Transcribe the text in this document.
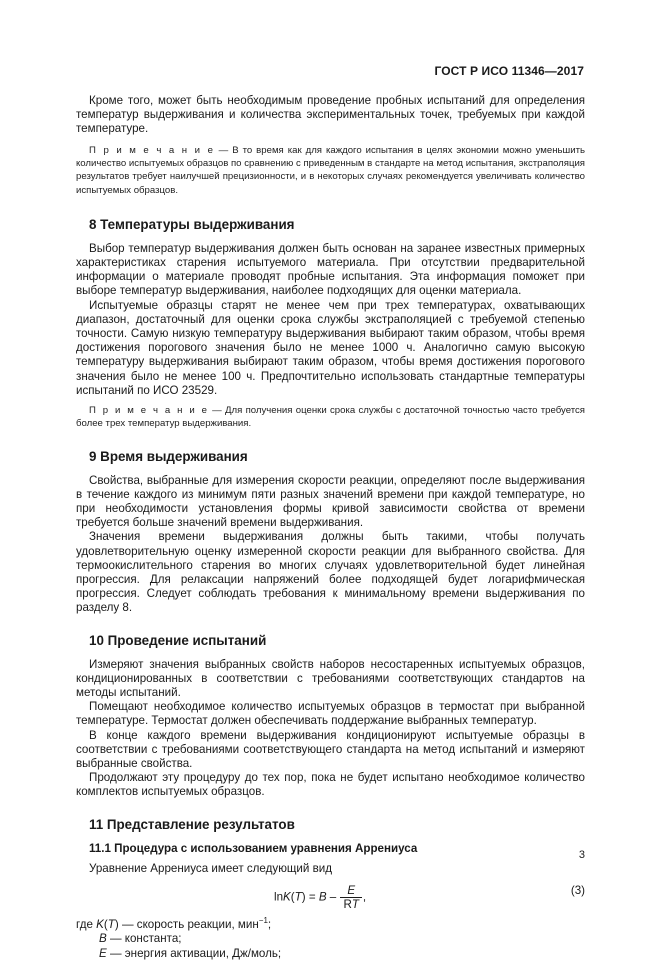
ГОСТ Р ИСО 11346—2017

Кроме того, может быть необходимым проведение пробных испытаний для определения температур выдерживания и количества экспериментальных точек, требуемых при каждой температуре.

П р и м е ч а н и е — В то время как для каждого испытания в целях экономии можно уменьшить количество испытуемых образцов по сравнению с приведенным в стандарте на метод испытания, экстраполяция результатов требует наилучшей прецизионности, и в некоторых случаях рекомендуется увеличивать количество испытуемых образцов.

8 Температуры выдерживания

Выбор температур выдерживания должен быть основан на заранее известных примерных характеристиках старения испытуемого материала. При отсутствии предварительной информации о материале проводят пробные испытания. Эта информация поможет при выборе температур выдерживания, наиболее подходящих для оценки материала.

Испытуемые образцы старят не менее чем при трех температурах, охватывающих диапазон, достаточный для оценки срока службы экстраполяцией с требуемой степенью точности. Самую низкую температуру выдерживания выбирают таким образом, чтобы время достижения порогового значения было не менее 1000 ч. Аналогично самую высокую температуру выдерживания выбирают таким образом, чтобы время достижения порогового значения было не менее 100 ч. Предпочтительно использовать стандартные температуры испытаний по ИСО 23529.

П р и м е ч а н и е — Для получения оценки срока службы с достаточной точностью часто требуется более трех температур выдерживания.

9 Время выдерживания

Свойства, выбранные для измерения скорости реакции, определяют после выдерживания в течение каждого из минимум пяти разных значений времени при каждой температуре, но при необходимости установления формы кривой зависимости свойства от времени требуется больше значений времени выдерживания.

Значения времени выдерживания должны быть такими, чтобы получать удовлетворительную оценку измеренной скорости реакции для выбранного свойства. Для термоокислительного старения во многих случаях удовлетворительной будет линейная прогрессия. Для релаксации напряжений более подходящей будет логарифмическая прогрессия. Следует соблюдать требования к минимальному времени выдерживания по разделу 8.

10 Проведение испытаний

Измеряют значения выбранных свойств наборов несостаренных испытуемых образцов, кондиционированных в соответствии с требованиями соответствующих стандартов на методы испытаний.

Помещают необходимое количество испытуемых образцов в термостат при выбранной температуре. Термостат должен обеспечивать поддержание выбранных температур.

В конце каждого времени выдерживания кондиционируют испытуемые образцы в соответствии с требованиями соответствующего стандарта на метод испытаний и измеряют выбранные свойства.

Продолжают эту процедуру до тех пор, пока не будет испытано необходимое количество комплектов испытуемых образцов.

11 Представление результатов
11.1 Процедура с использованием уравнения Аррениуса

Уравнение Аррениуса имеет следующий вид

$\ln K(T) = B - \frac{E}{RT}$ ,
(3)

где K(T) — скорость реакции, мин$^{-1}$;

B — константа;

E — энергия активации, Дж/моль;

3
